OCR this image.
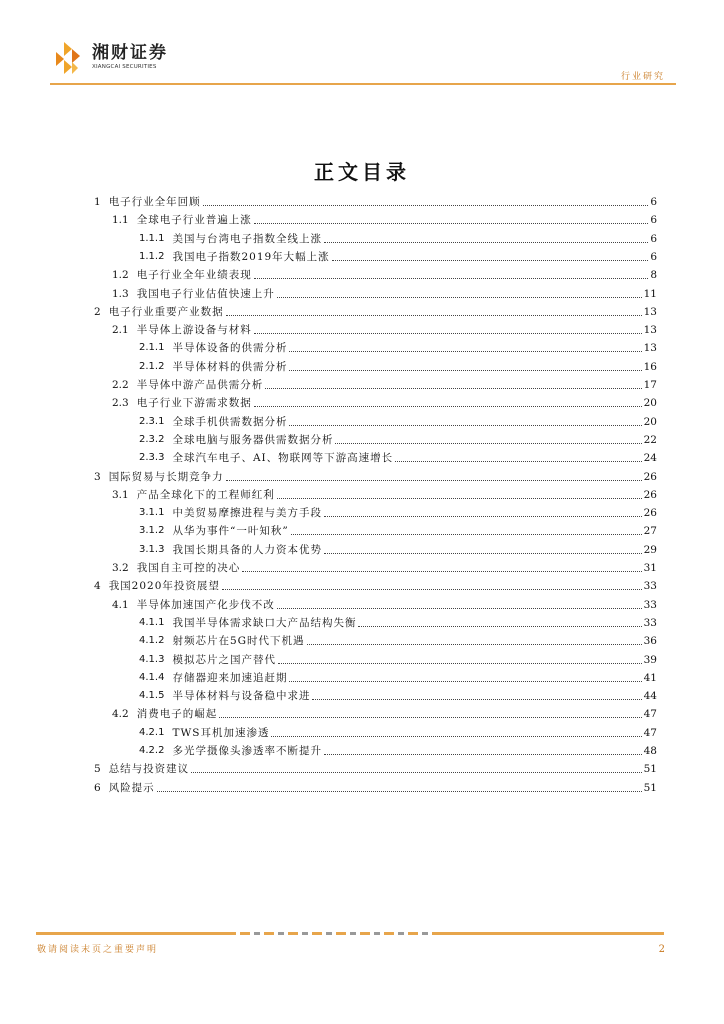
湘财证券
XIANGCAI SECURITIES
行业研究
正文目录
1 电子行业全年回顾	6
1.1 全球电子行业普遍上涨	6
1.1.1 美国与台湾电子指数全线上涨	6
1.1.2 我国电子指数2019年大幅上涨	6
1.2 电子行业全年业绩表现	8
1.3 我国电子行业估值快速上升	11
2 电子行业重要产业数据	13
2.1 半导体上游设备与材料	13
2.1.1 半导体设备的供需分析	13
2.1.2 半导体材料的供需分析	16
2.2 半导体中游产品供需分析	17
2.3 电子行业下游需求数据	20
2.3.1 全球手机供需数据分析	20
2.3.2 全球电脑与服务器供需数据分析	22
2.3.3 全球汽车电子、AI、物联网等下游高速增长	24
3 国际贸易与长期竞争力	26
3.1 产品全球化下的工程师红利	26
3.1.1 中美贸易摩擦进程与美方手段	26
3.1.2 从华为事件“一叶知秋”	27
3.1.3 我国长期具备的人力资本优势	29
3.2 我国自主可控的决心	31
4 我国2020年投资展望	33
4.1 半导体加速国产化步伐不改	33
4.1.1 我国半导体需求缺口大产品结构失衡	33
4.1.2 射频芯片在5G时代下机遇	36
4.1.3 模拟芯片之国产替代	39
4.1.4 存储器迎来加速追赶期	41
4.1.5 半导体材料与设备稳中求进	44
4.2 消费电子的崛起	47
4.2.1 TWS耳机加速渗透	47
4.2.2 多光学摄像头渗透率不断提升	48
5 总结与投资建议	51
6 风险提示	51
敬请阅读末页之重要声明	2
